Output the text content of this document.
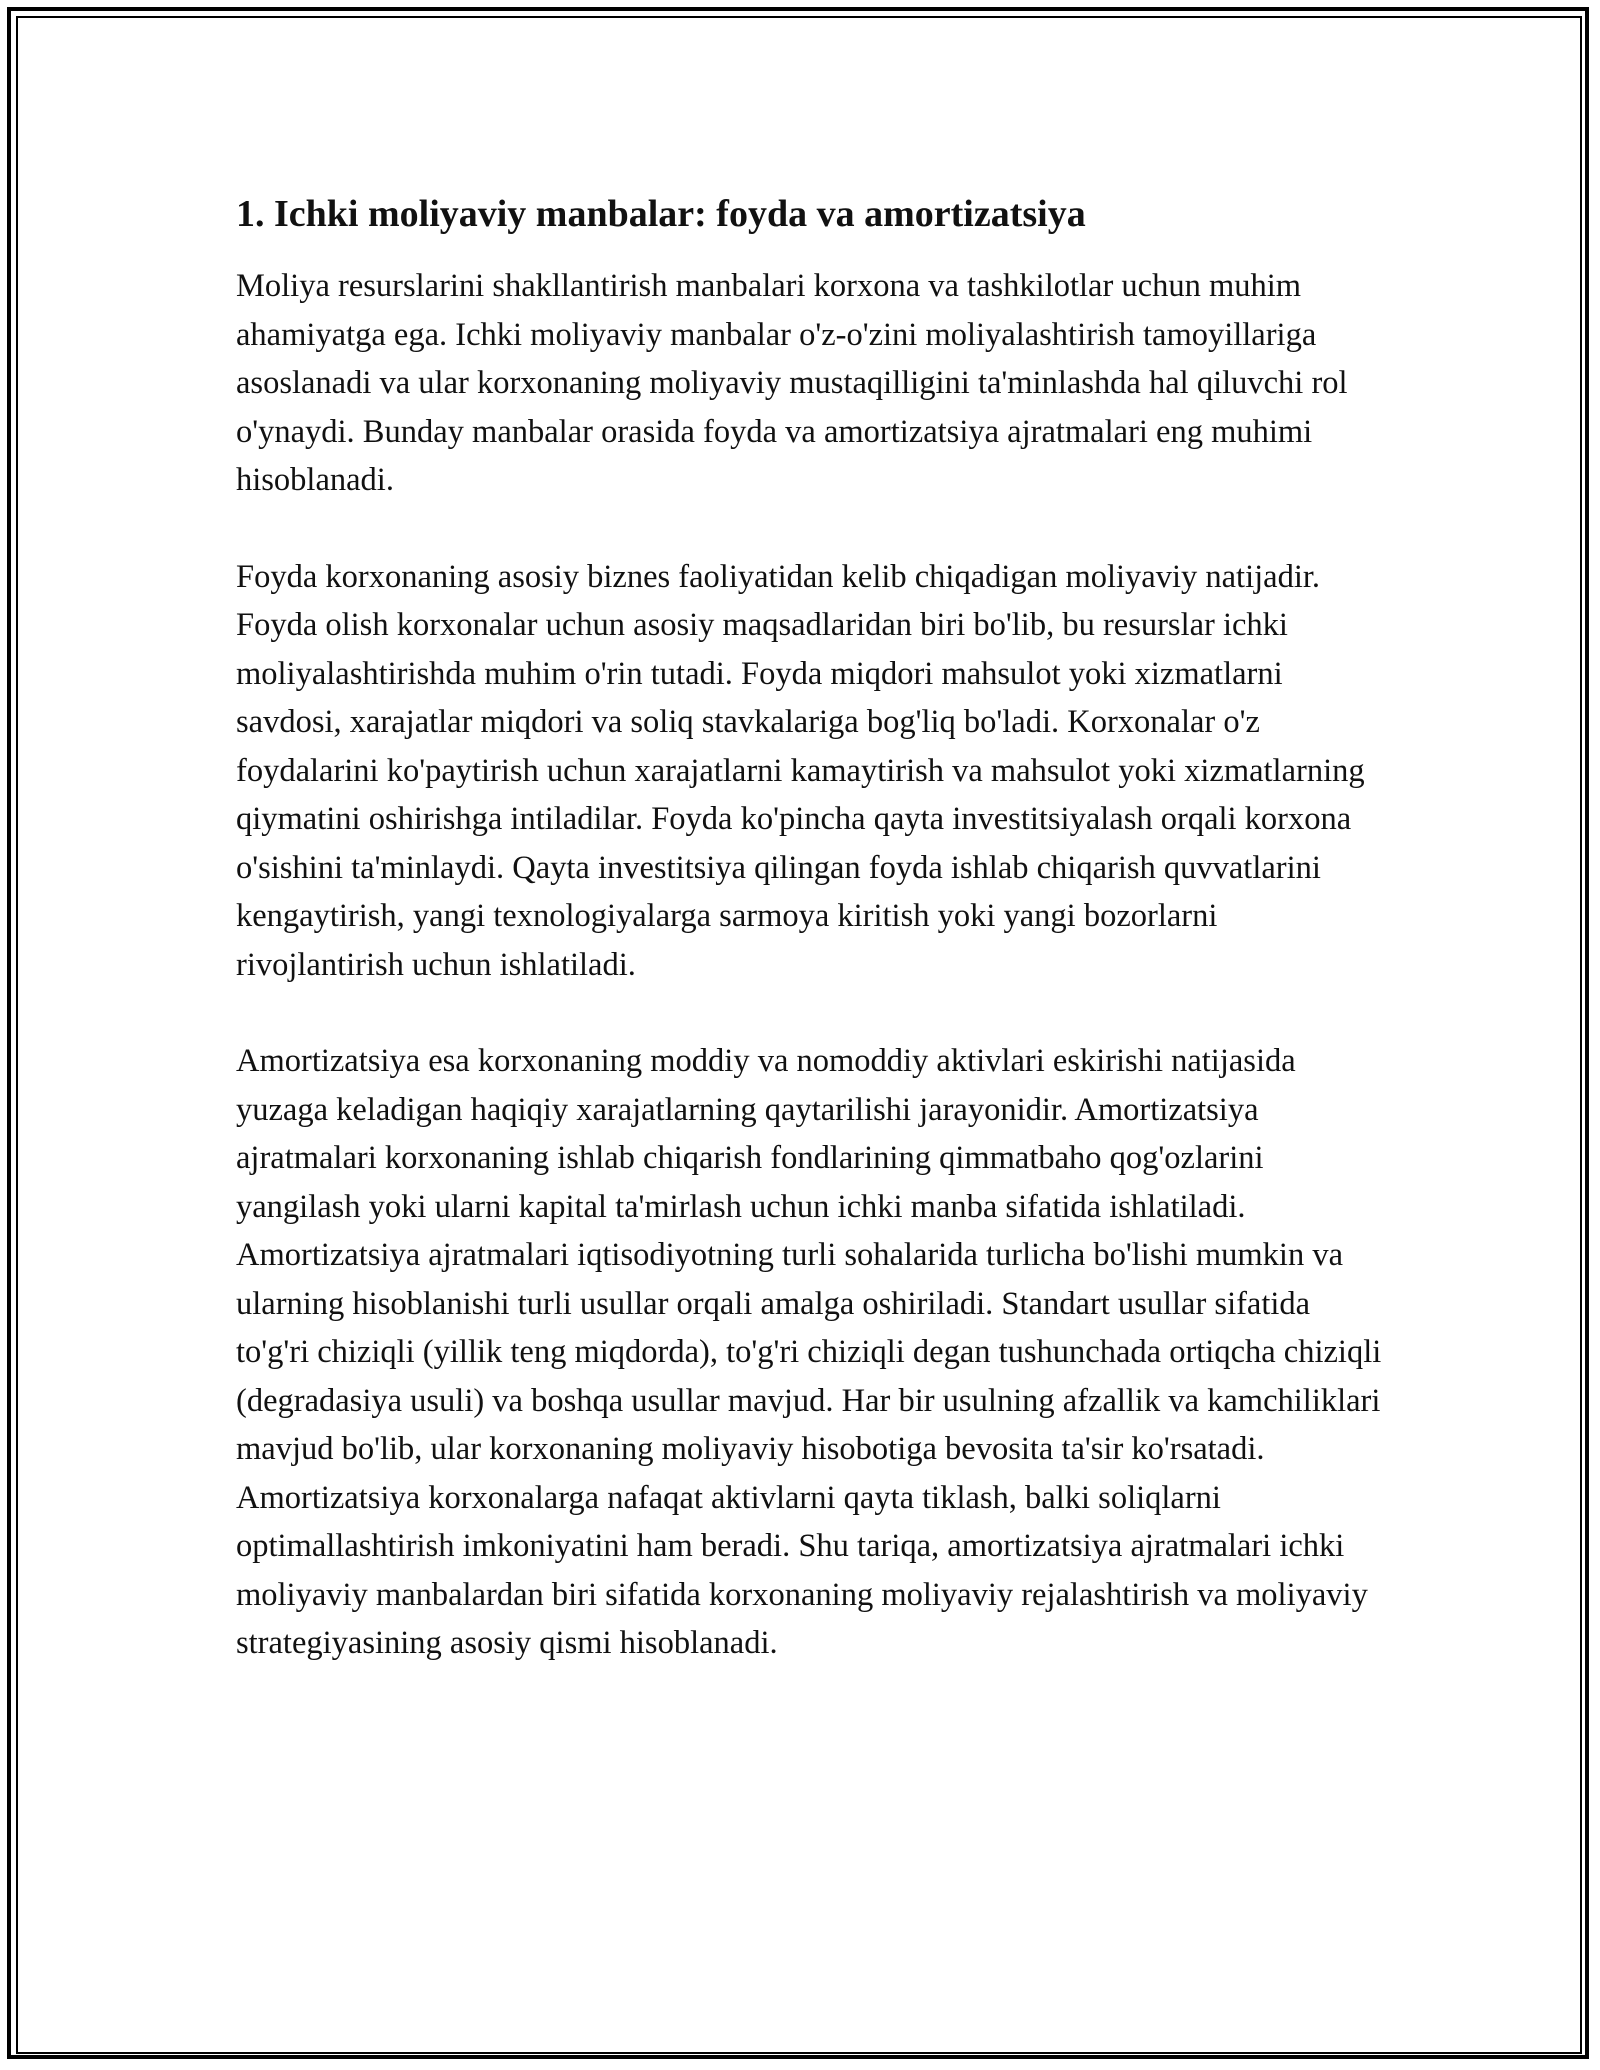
1. Ichki moliyaviy manbalar: foyda va amortizatsiya

Moliya resurslarini shakllantirish manbalari korxona va tashkilotlar uchun muhim ahamiyatga ega. Ichki moliyaviy manbalar o'z-o'zini moliyalashtirish tamoyillariga asoslanadi va ular korxonaning moliyaviy mustaqilligini ta'minlashda hal qiluvchi rol o'ynaydi. Bunday manbalar orasida foyda va amortizatsiya ajratmalari eng muhimi hisoblanadi.

Foyda korxonaning asosiy biznes faoliyatidan kelib chiqadigan moliyaviy natijadir. Foyda olish korxonalar uchun asosiy maqsadlaridan biri bo'lib, bu resurslar ichki moliyalashtirishda muhim o'rin tutadi. Foyda miqdori mahsulot yoki xizmatlarni savdosi, xarajatlar miqdori va soliq stavkalariga bog'liq bo'ladi. Korxonalar o'z foydalarini ko'paytirish uchun xarajatlarni kamaytirish va mahsulot yoki xizmatlarning qiymatini oshirishga intiladilar. Foyda ko'pincha qayta investitsiyalash orqali korxona o'sishini ta'minlaydi. Qayta investitsiya qilingan foyda ishlab chiqarish quvvatlarini kengaytirish, yangi texnologiyalarga sarmoya kiritish yoki yangi bozorlarni rivojlantirish uchun ishlatiladi.

Amortizatsiya esa korxonaning moddiy va nomoddiy aktivlari eskirishi natijasida yuzaga keladigan haqiqiy xarajatlarning qaytarilishi jarayonidir. Amortizatsiya ajratmalari korxonaning ishlab chiqarish fondlarining qimmatbaho qog'ozlarini yangilash yoki ularni kapital ta'mirlash uchun ichki manba sifatida ishlatiladi. Amortizatsiya ajratmalari iqtisodiyotning turli sohalarida turlicha bo'lishi mumkin va ularning hisoblanishi turli usullar orqali amalga oshiriladi. Standart usullar sifatida to'g'ri chiziqli (yillik teng miqdorda), to'g'ri chiziqli degan tushunchada ortiqcha chiziqli (degradasiya usuli) va boshqa usullar mavjud. Har bir usulning afzallik va kamchiliklari mavjud bo'lib, ular korxonaning moliyaviy hisobotiga bevosita ta'sir ko'rsatadi. Amortizatsiya korxonalarga nafaqat aktivlarni qayta tiklash, balki soliqlarni optimallashtirish imkoniyatini ham beradi. Shu tariqa, amortizatsiya ajratmalari ichki moliyaviy manbalardan biri sifatida korxonaning moliyaviy rejalashtirish va moliyaviy strategiyasining asosiy qismi hisoblanadi.
